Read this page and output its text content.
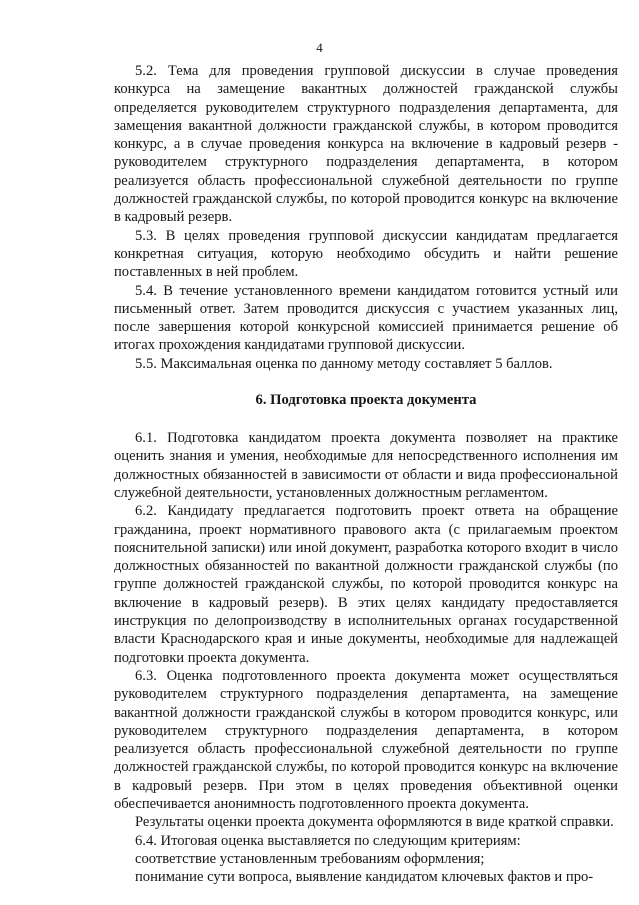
4

5.2. Тема для проведения групповой дискуссии в случае проведения конкурса на замещение вакантных должностей гражданской службы определяется руководителем структурного подразделения департамента, для замещения вакантной должности гражданской службы, в котором проводится конкурс, а в случае проведения конкурса на включение в кадровый резерв - руководителем структурного подразделения департамента, в котором реализуется область профессиональной служебной деятельности по группе должностей гражданской службы, по которой проводится конкурс на включение в кадровый резерв.

5.3. В целях проведения групповой дискуссии кандидатам предлагается конкретная ситуация, которую необходимо обсудить и найти решение поставленных в ней проблем.

5.4. В течение установленного времени кандидатом готовится устный или письменный ответ. Затем проводится дискуссия с участием указанных лиц, после завершения которой конкурсной комиссией принимается решение об итогах прохождения кандидатами групповой дискуссии.

5.5. Максимальная оценка по данному методу составляет 5 баллов.

6. Подготовка проекта документа

6.1. Подготовка кандидатом проекта документа позволяет на практике оценить знания и умения, необходимые для непосредственного исполнения им должностных обязанностей в зависимости от области и вида профессиональной служебной деятельности, установленных должностным регламентом.

6.2. Кандидату предлагается подготовить проект ответа на обращение гражданина, проект нормативного правового акта (с прилагаемым проектом пояснительной записки) или иной документ, разработка которого входит в число должностных обязанностей по вакантной должности гражданской службы (по группе должностей гражданской службы, по которой проводится конкурс на включение в кадровый резерв). В этих целях кандидату предоставляется инструкция по делопроизводству в исполнительных органах государственной власти Краснодарского края и иные документы, необходимые для надлежащей подготовки проекта документа.

6.3. Оценка подготовленного проекта документа может осуществляться руководителем структурного подразделения департамента, на замещение вакантной должности гражданской службы в котором проводится конкурс, или руководителем структурного подразделения департамента, в котором реализуется область профессиональной служебной деятельности по группе должностей гражданской службы, по которой проводится конкурс на включение в кадровый резерв. При этом в целях проведения объективной оценки обеспечивается анонимность подготовленного проекта документа.

Результаты оценки проекта документа оформляются в виде краткой справки.

6.4. Итоговая оценка выставляется по следующим критериям:

соответствие установленным требованиям оформления;

понимание сути вопроса, выявление кандидатом ключевых фактов и про-
